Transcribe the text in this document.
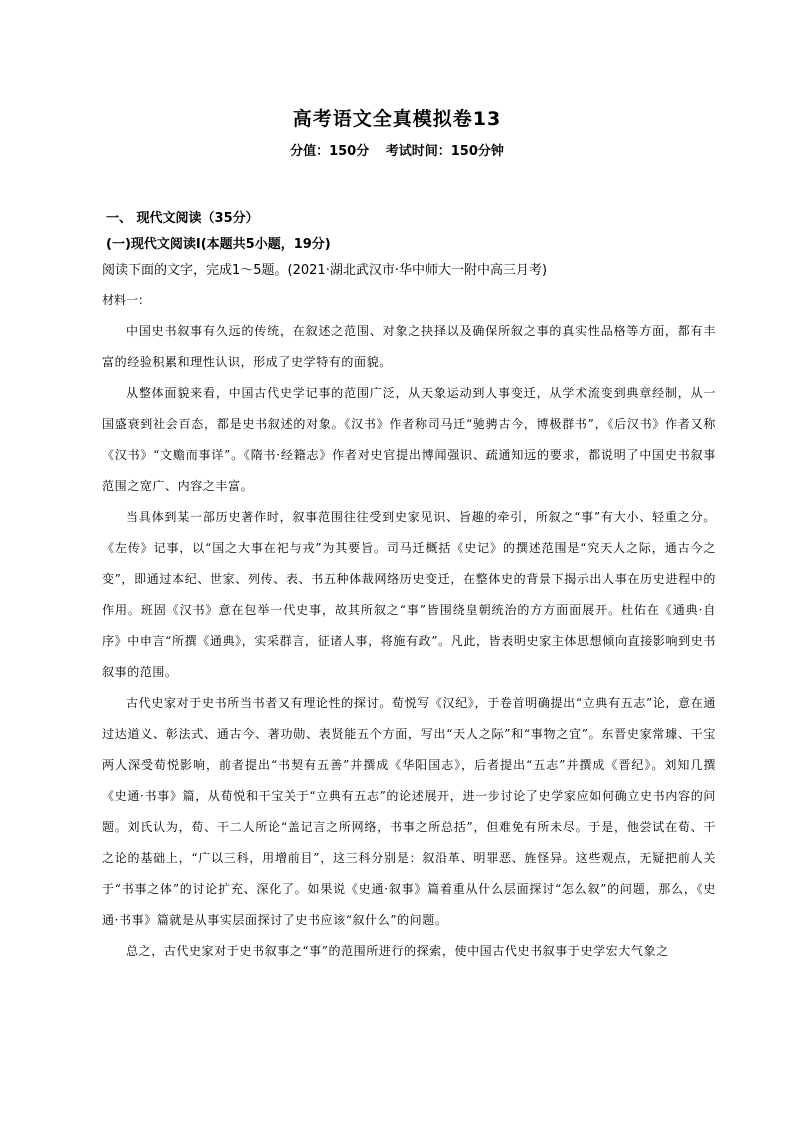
高考语文全真模拟卷13
分值：150分 考试时间：150分钟
一、 现代文阅读（35分）
(一)现代文阅读Ⅰ(本题共5小题，19分)
阅读下面的文字，完成1～5题。(2021·湖北武汉市·华中师大一附中高三月考)
材料一：

中国史书叙事有久远的传统，在叙述之范围、对象之抉择以及确保所叙之事的真实性品格等方面，都有丰富的经验积累和理性认识，形成了史学特有的面貌。

从整体面貌来看，中国古代史学记事的范围广泛，从天象运动到人事变迁，从学术流变到典章经制，从一国盛衰到社会百态，都是史书叙述的对象。《汉书》作者称司马迁“驰骋古今，博极群书”，《后汉书》作者又称《汉书》“文赡而事详”。《隋书·经籍志》作者对史官提出博闻强识、疏通知远的要求，都说明了中国史书叙事范围之宽广、内容之丰富。

当具体到某一部历史著作时，叙事范围往往受到史家见识、旨趣的牵引，所叙之“事”有大小、轻重之分。《左传》记事，以“国之大事在祀与戎”为其要旨。司马迁概括《史记》的撰述范围是“究天人之际，通古今之变”，即通过本纪、世家、列传、表、书五种体裁网络历史变迁，在整体史的背景下揭示出人事在历史进程中的作用。班固《汉书》意在包举一代史事，故其所叙之“事”皆围绕皇朝统治的方方面面展开。杜佑在《通典·自序》中申言“所撰《通典》，实采群言，征诸人事，将施有政”。凡此，皆表明史家主体思想倾向直接影响到史书叙事的范围。

古代史家对于史书所当书者又有理论性的探讨。荀悦写《汉纪》，于卷首明确提出“立典有五志”论，意在通过达道义、彰法式、通古今、著功勋、表贤能五个方面，写出“天人之际”和“事物之宜”。东晋史家常璩、干宝两人深受荀悦影响，前者提出“书契有五善”并撰成《华阳国志》，后者提出“五志”并撰成《晋纪》。刘知几撰《史通·书事》篇，从荀悦和干宝关于“立典有五志”的论述展开，进一步讨论了史学家应如何确立史书内容的问题。刘氏认为，荀、干二人所论“盖记言之所网络，书事之所总括”，但难免有所未尽。于是，他尝试在荀、干之论的基础上，“广以三科，用增前目”，这三科分别是：叙沿革、明罪恶、旌怪异。这些观点，无疑把前人关于“书事之体”的讨论扩充、深化了。如果说《史通·叙事》篇着重从什么层面探讨“怎么叙”的问题，那么，《史通·书事》篇就是从事实层面探讨了史书应该“叙什么”的问题。

总之，古代史家对于史书叙事之“事”的范围所进行的探索，使中国古代史书叙事于史学宏大气象之
